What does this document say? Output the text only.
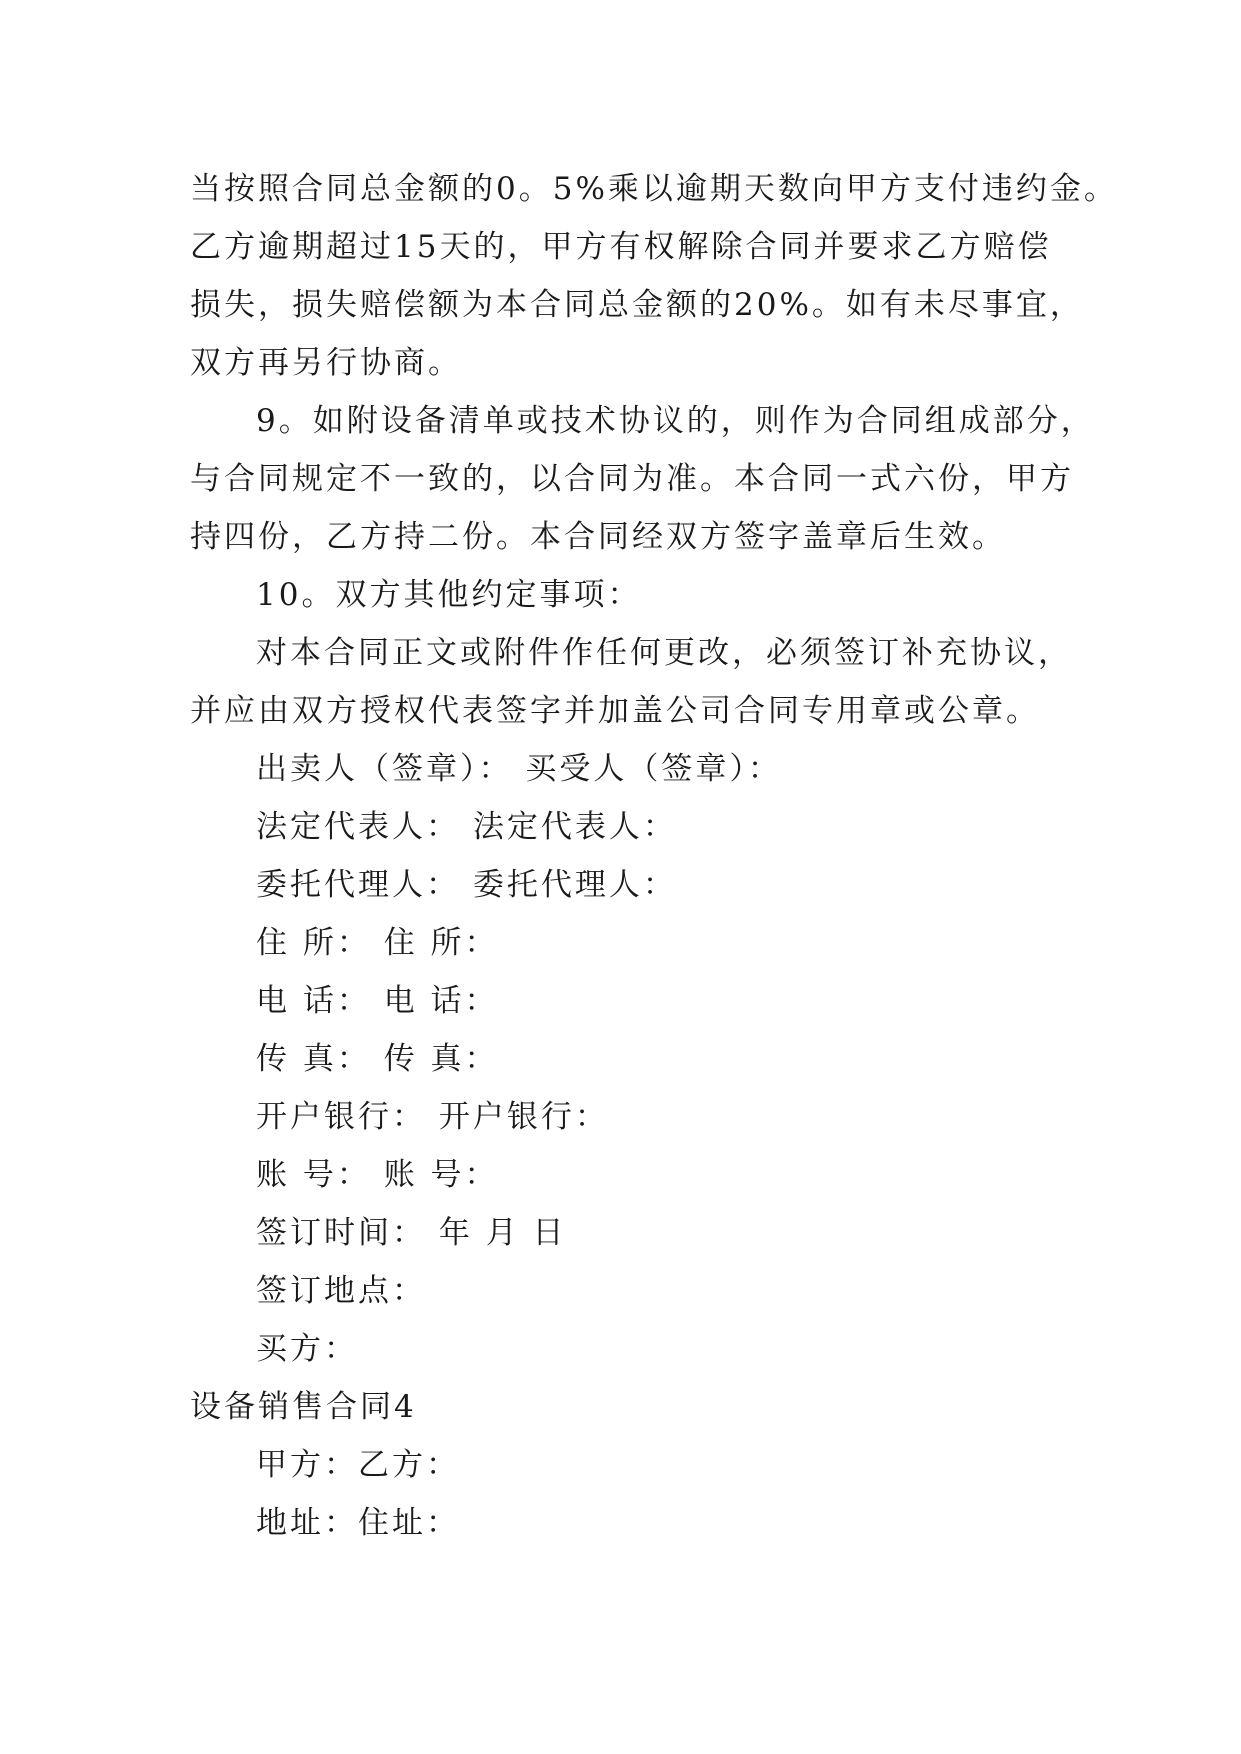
当按照合同总金额的0。5%乘以逾期天数向甲方支付违约金。
乙方逾期超过15天的，甲方有权解除合同并要求乙方赔偿
损失，损失赔偿额为本合同总金额的20%。如有未尽事宜，
双方再另行协商。
9。如附设备清单或技术协议的，则作为合同组成部分，
与合同规定不一致的，以合同为准。本合同一式六份，甲方
持四份，乙方持二份。本合同经双方签字盖章后生效。
10。双方其他约定事项：
对本合同正文或附件作任何更改，必须签订补充协议，
并应由双方授权代表签字并加盖公司合同专用章或公章。
出卖人（签章）： 买受人（签章）：
法定代表人： 法定代表人：
委托代理人： 委托代理人：
住 所： 住 所：
电 话： 电 话：
传 真： 传 真：
开户银行： 开户银行：
账 号： 账 号：
签订时间： 年 月 日
签订地点：
买方：
设备销售合同4
甲方：乙方：
地址：住址：
